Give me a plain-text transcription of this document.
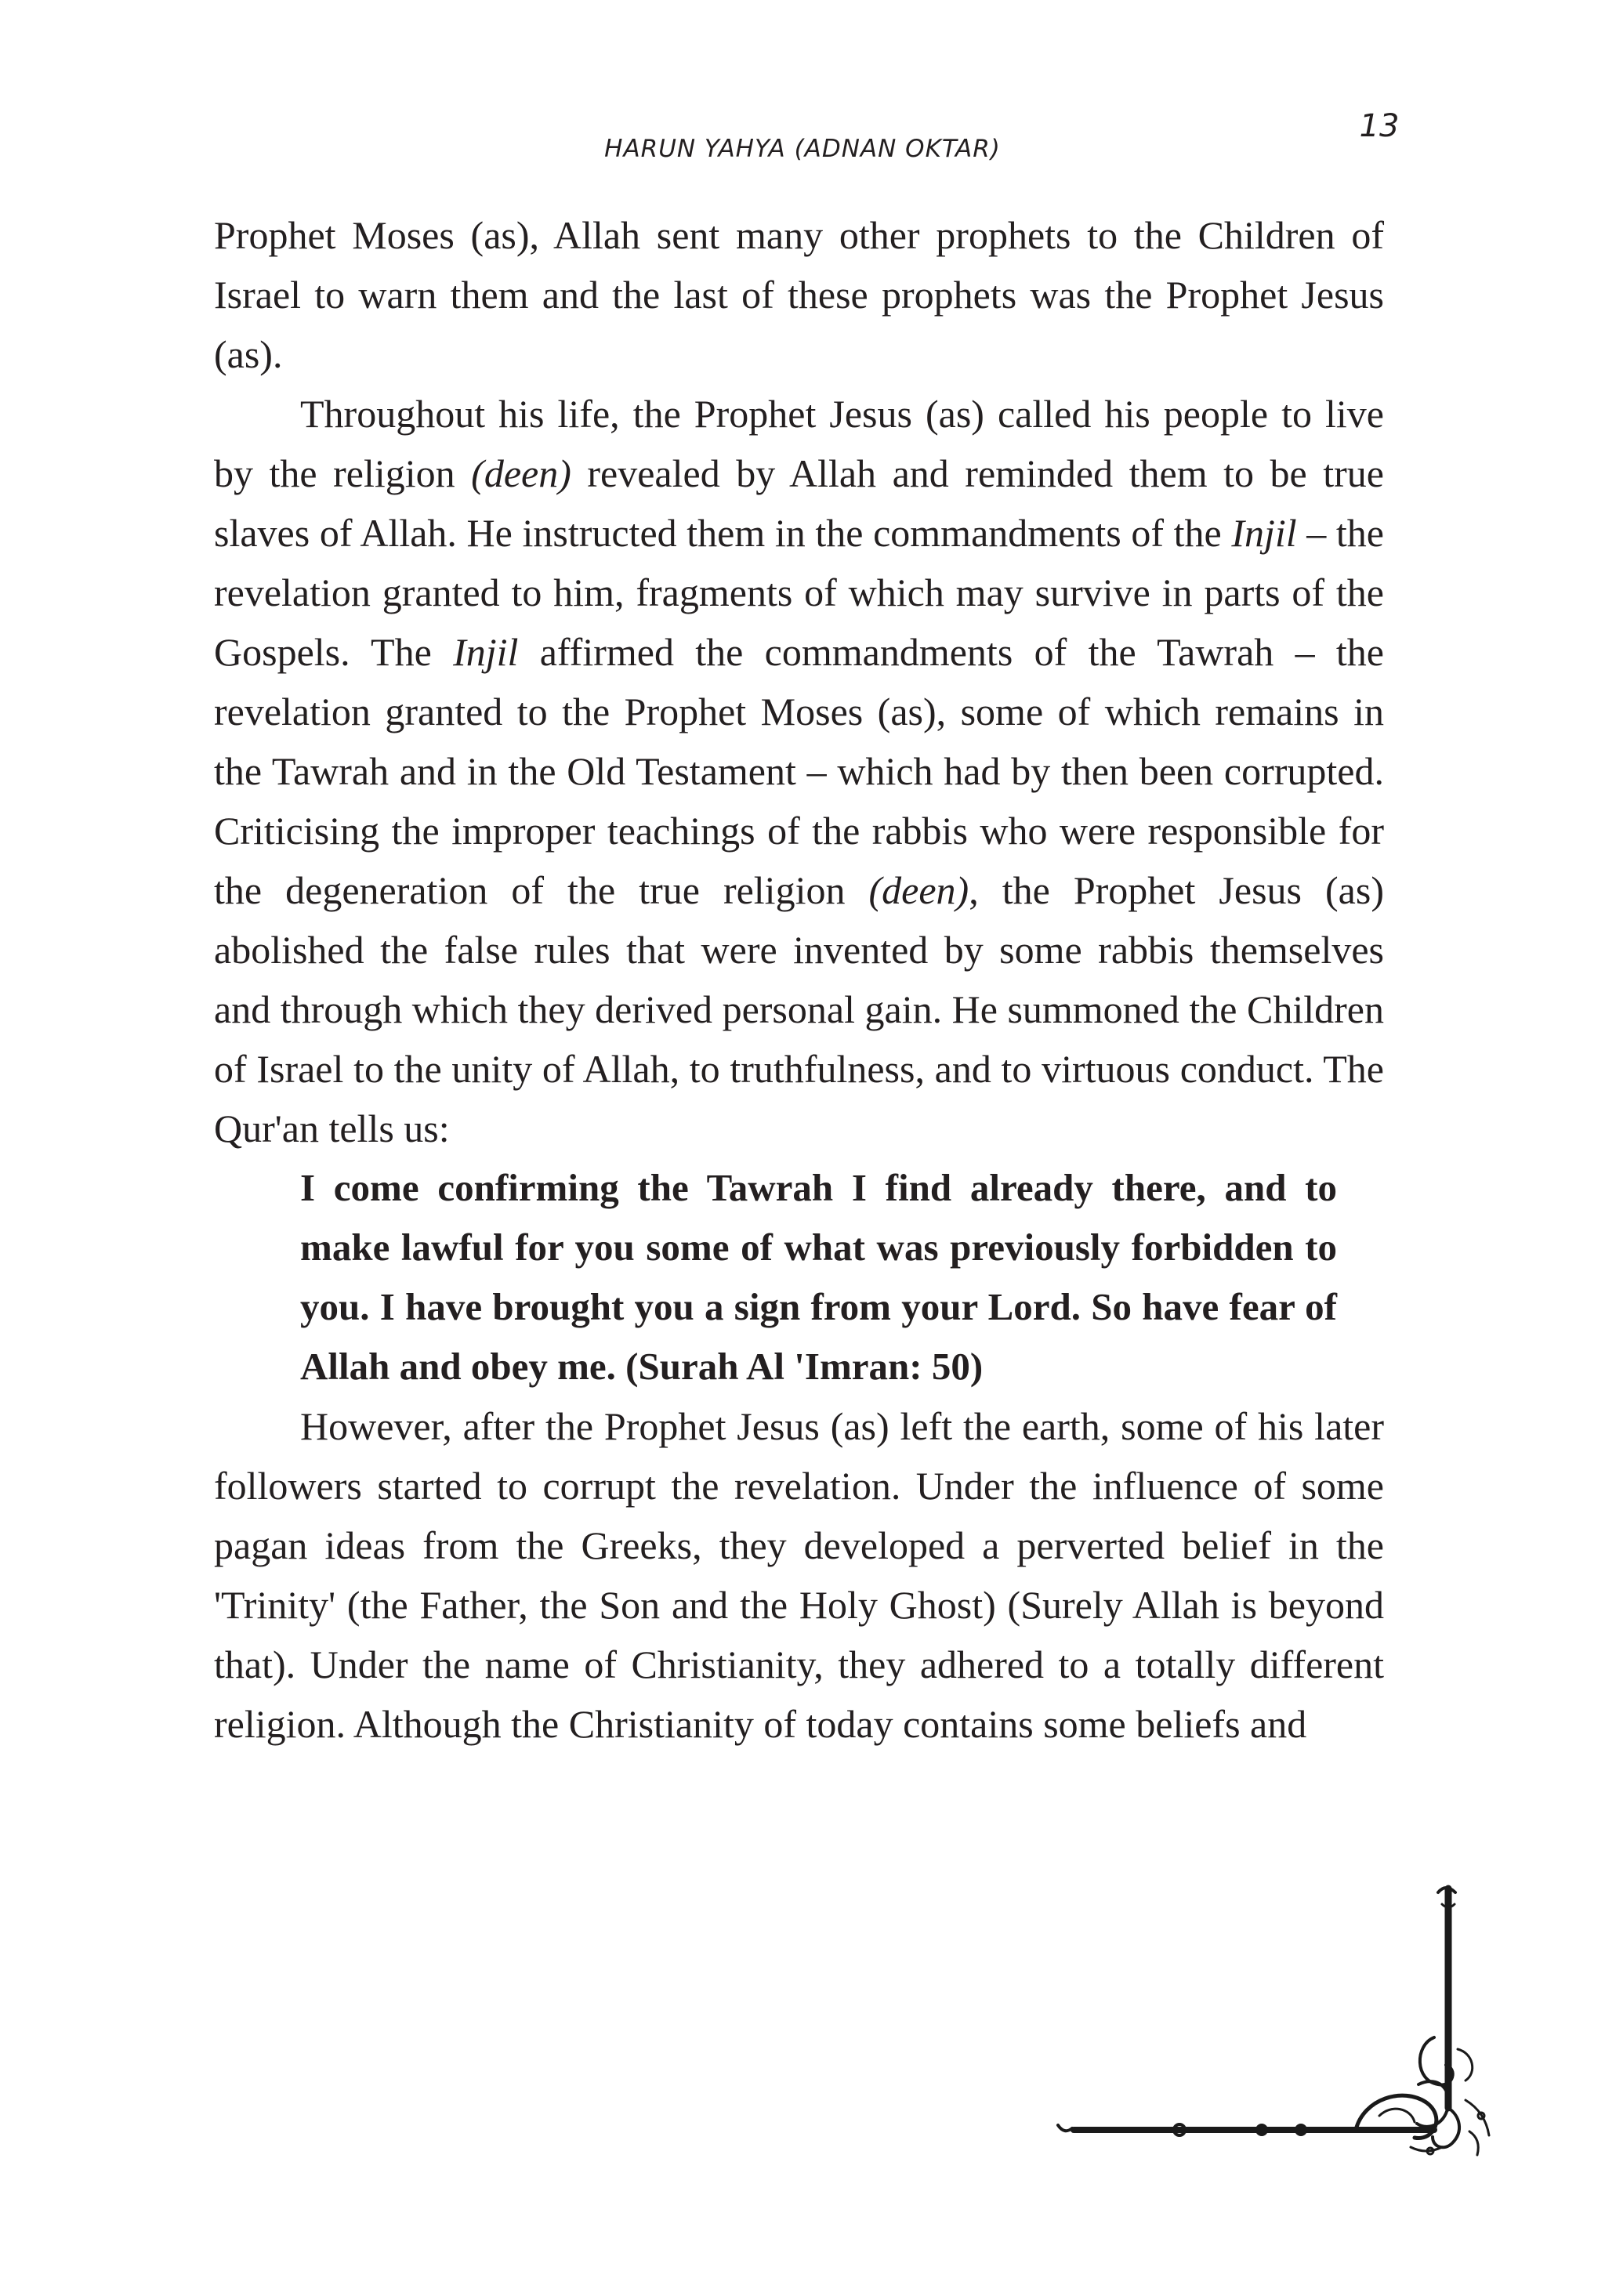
HARUN YAHYA (ADNAN OKTAR)
13

Prophet Moses (as), Allah sent many other prophets to the Children of Israel to warn them and the last of these prophets was the Prophet Jesus (as).

Throughout his life, the Prophet Jesus (as) called his people to live by the religion (deen) revealed by Allah and reminded them to be true slaves of Allah. He instructed them in the commandments of the Injil – the revelation granted to him, fragments of which may survive in parts of the Gospels. The Injil affirmed the commandments of the Tawrah – the revelation granted to the Prophet Moses (as), some of which remains in the Tawrah and in the Old Testament – which had by then been corrupted. Criticising the improper teachings of the rabbis who were responsible for the degeneration of the true religion (deen), the Prophet Jesus (as) abolished the false rules that were invented by some rabbis themselves and through which they derived personal gain. He summoned the Children of Israel to the unity of Allah, to truthfulness, and to virtuous conduct. The Qur'an tells us:

I come confirming the Tawrah I find already there, and to make lawful for you some of what was previously forbidden to you. I have brought you a sign from your Lord. So have fear of Allah and obey me. (Surah Al 'Imran: 50)

However, after the Prophet Jesus (as) left the earth, some of his later followers started to corrupt the revelation. Under the influence of some pagan ideas from the Greeks, they developed a perverted belief in the 'Trinity' (the Father, the Son and the Holy Ghost) (Surely Allah is beyond that). Under the name of Christianity, they adhered to a totally different religion. Although the Christianity of today contains some beliefs and
